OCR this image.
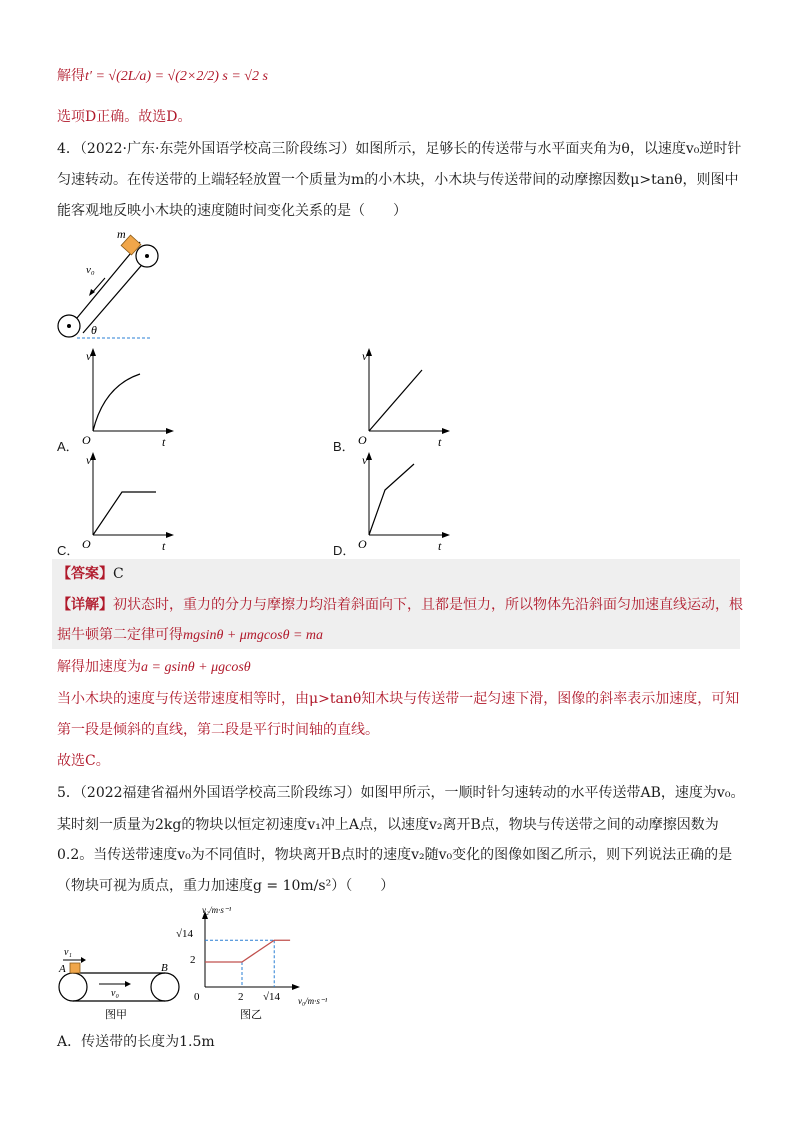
解得t′ = √(2L/a) = √(2×2/2) s = √2 s
选项D正确。故选D。
4．（2022·广东·东莞外国语学校高三阶段练习）如图所示，足够长的传送带与水平面夹角为θ，以速度v₀逆时针
匀速转动。在传送带的上端轻轻放置一个质量为m的小木块，小木块与传送带间的动摩擦因数μ>tanθ，则图中
能客观地反映小木块的速度随时间变化关系的是（　　）
m
v₀
θ
A．
v
O	t	B．
v
O	t
C．
v
O	t	D．
v
O	t
【答案】C
【详解】初状态时，重力的分力与摩擦力均沿着斜面向下，且都是恒力，所以物体先沿斜面匀加速直线运动，根
据牛顿第二定律可得mgsinθ + μmgcosθ = ma
解得加速度为a = gsinθ + μgcosθ
当小木块的速度与传送带速度相等时，由μ>tanθ知木块与传送带一起匀速下滑，图像的斜率表示加速度，可知
第一段是倾斜的直线，第二段是平行时间轴的直线。
故选C。
5．（2022福建省福州外国语学校高三阶段练习）如图甲所示，一顺时针匀速转动的水平传送带AB，速度为v₀。
某时刻一质量为2kg的物块以恒定初速度v₁冲上A点，以速度v₂离开B点，物块与传送带之间的动摩擦因数为
0.2。当传送带速度v₀为不同值时，物块离开B点时的速度v₂随v₀变化的图像如图乙所示，则下列说法正确的是
（物块可视为质点，重力加速度g = 10m/s²）（　　）
v₁
A	B
v₀
图甲
v₂/m·s⁻¹
v₀/m·s⁻¹
√14
2
0	2 √14
图乙
A．传送带的长度为1.5m
